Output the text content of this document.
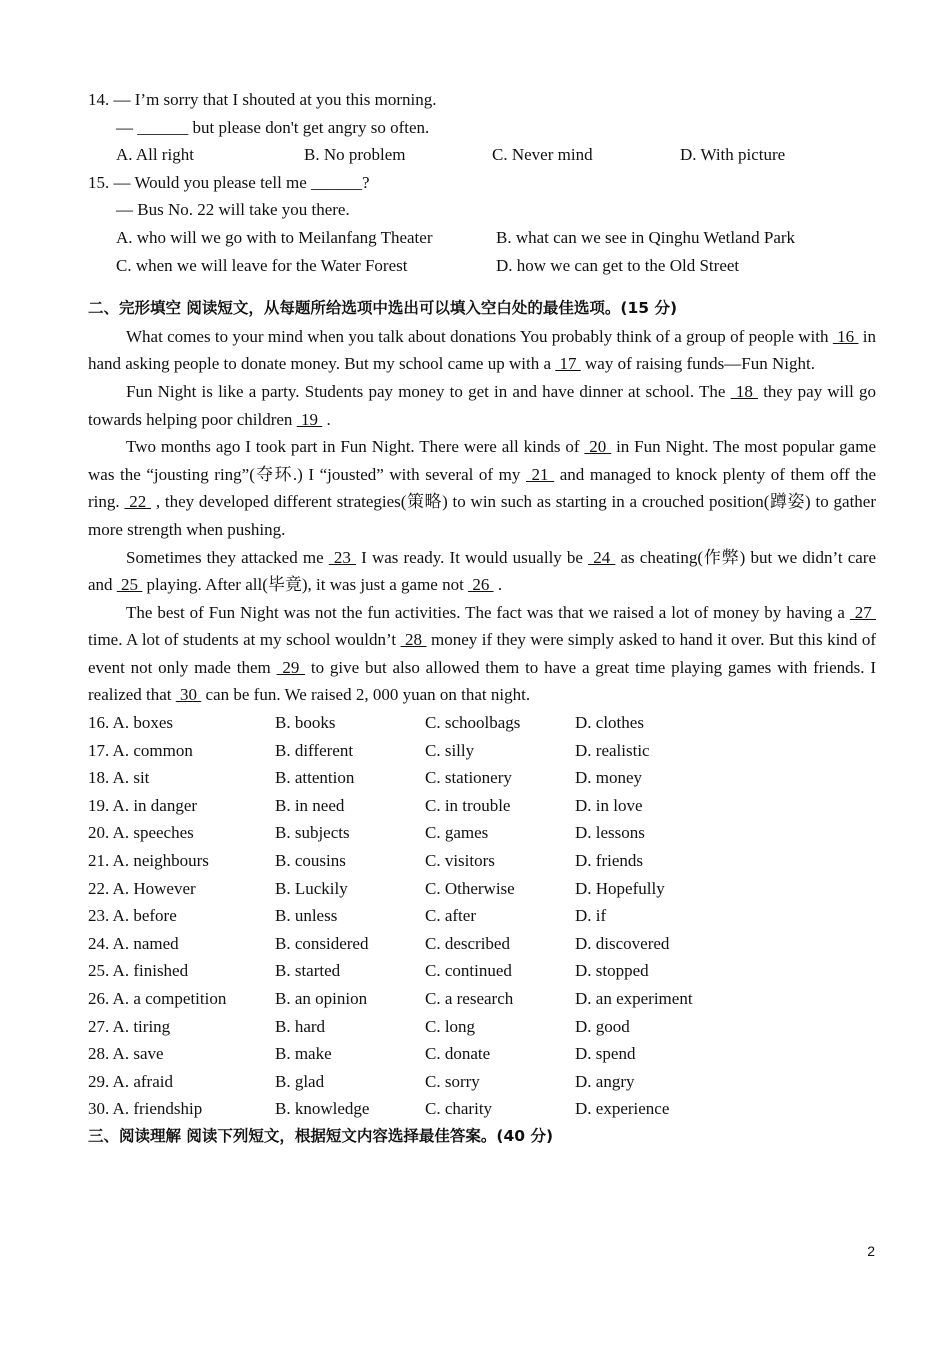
14. — I’m sorry that I shouted at you this morning.
— ______ but please don't get angry so often.
A. All right	B. No problem	C. Never mind	D. With picture
15. — Would you please tell me ______?
— Bus No. 22 will take you there.
A. who will we go with to Meilanfang Theater	B. what can we see in Qinghu Wetland Park
C. when we will leave for the Water Forest	D. how we can get to the Old Street
二、完形填空 阅读短文，从每题所给选项中选出可以填入空白处的最佳选项。(15 分)

What comes to your mind when you talk about donations You probably think of a group of people with  16  in hand asking people to donate money. But my school came up with a  17  way of raising funds—Fun Night.

Fun Night is like a party. Students pay money to get in and have dinner at school. The  18  they pay will go towards helping poor children  19  .

Two months ago I took part in Fun Night. There were all kinds of  20  in Fun Night. The most popular game was the “jousting ring”(夺环.) I “jousted” with several of my  21  and managed to knock plenty of them off the ring.  22  , they developed different strategies(策略) to win such as starting in a crouched position(蹲姿) to gather more strength when pushing.

Sometimes they attacked me  23  I was ready. It would usually be  24  as cheating(作弊) but we didn’t care and  25  playing. After all(毕竟), it was just a game not  26  .

The best of Fun Night was not the fun activities. The fact was that we raised a lot of money by having a  27  time. A lot of students at my school wouldn’t  28  money if they were simply asked to hand it over. But this kind of event not only made them  29  to give but also allowed them to have a great time playing games with friends. I realized that  30  can be fun. We raised 2, 000 yuan on that night.

16. A. boxes	B. books	C. schoolbags	D. clothes
17. A. common	B. different	C. silly	D. realistic
18. A. sit	B. attention	C. stationery	D. money
19. A. in danger	B. in need	C. in trouble	D. in love
20. A. speeches	B. subjects	C. games	D. lessons
21. A. neighbours	B. cousins	C. visitors	D. friends
22. A. However	B. Luckily	C. Otherwise	D. Hopefully
23. A. before	B. unless	C. after	D. if
24. A. named	B. considered	C. described	D. discovered
25. A. finished	B. started	C. continued	D. stopped
26. A. a competition	B. an opinion	C. a research	D. an experiment
27. A. tiring	B. hard	C. long	D. good
28. A. save	B. make	C. donate	D. spend
29. A. afraid	B. glad	C. sorry	D. angry
30. A. friendship	B. knowledge	C. charity	D. experience
三、阅读理解 阅读下列短文，根据短文内容选择最佳答案。(40 分)
2
